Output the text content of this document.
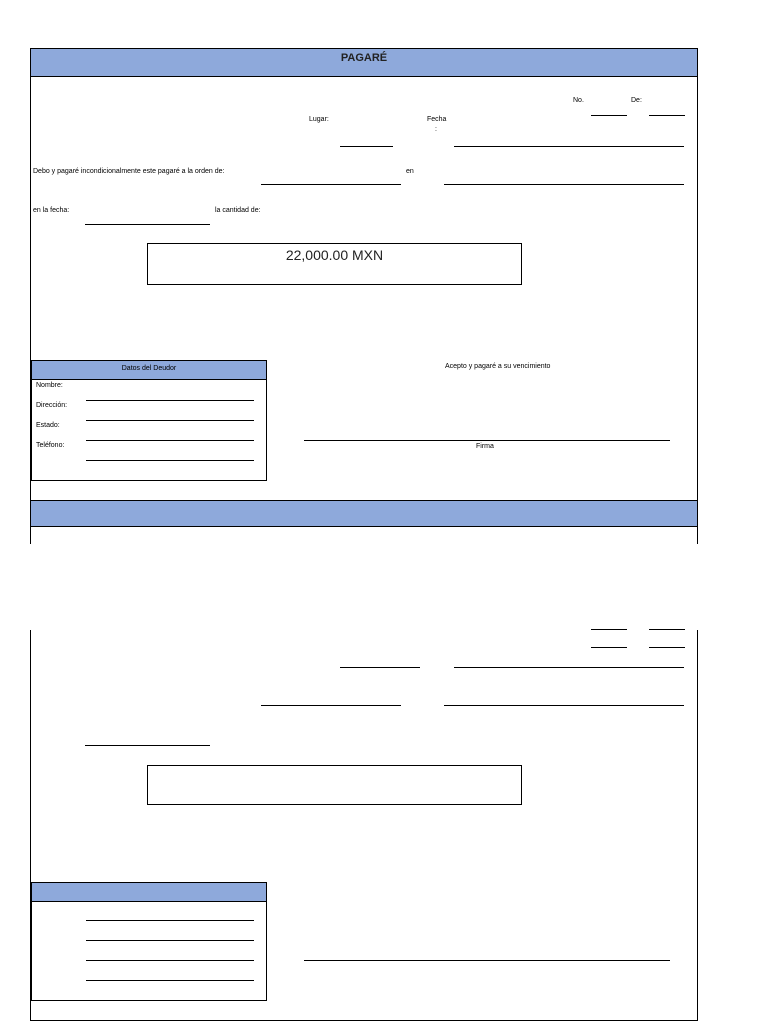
PAGARÉ
No.	De:
Lugar:	Fecha
:
Debo y pagaré incondicionalmente este pagaré a la orden de:	en
en la fecha:	la cantidad de:
22,000.00 MXN
Datos del Deudor
Nombre:
Dirección:
Estado:
Teléfono:
Acepto y pagaré a su vencimiento
Firma
